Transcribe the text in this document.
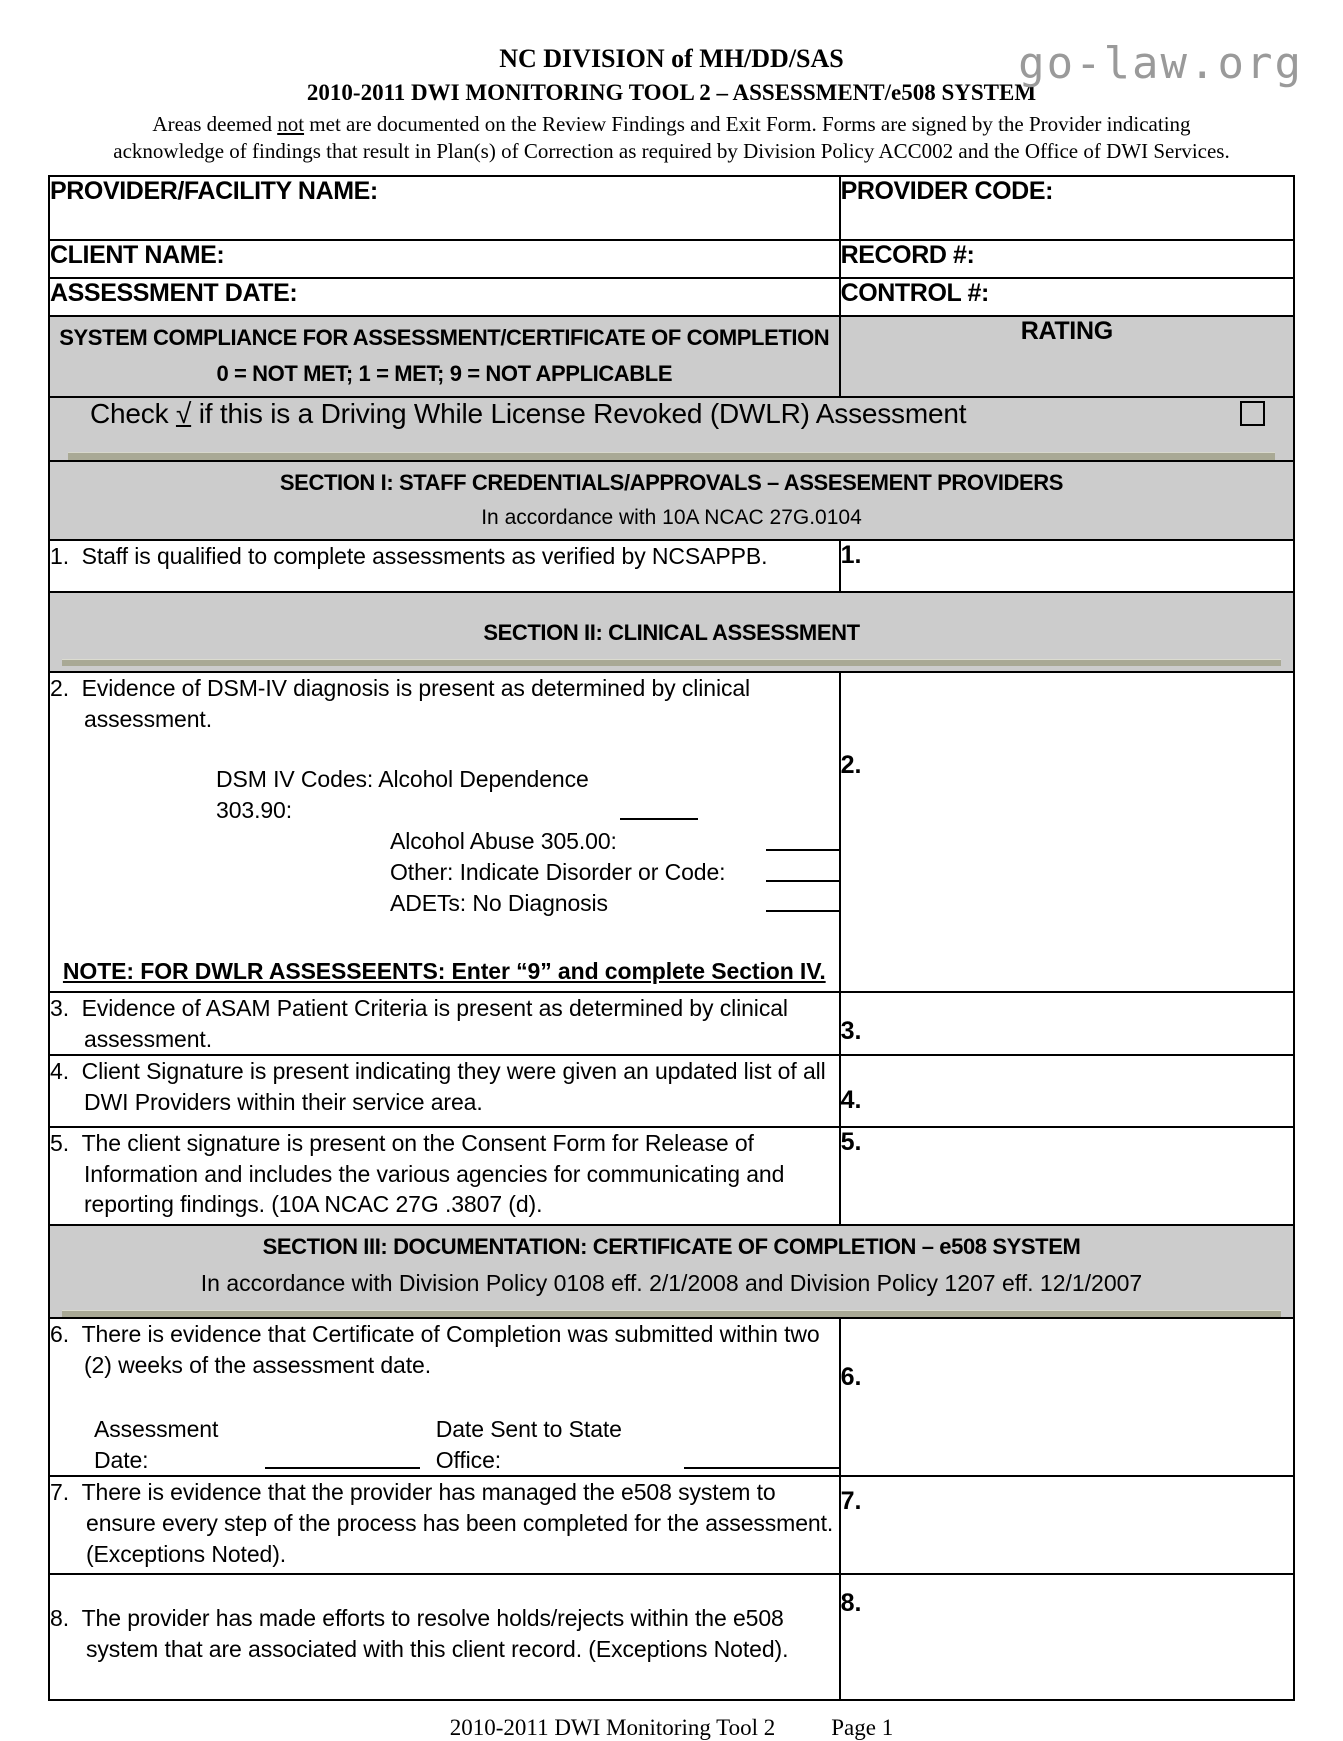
go-law.org
NC DIVISION of MH/DD/SAS
2010-2011 DWI MONITORING TOOL 2 – ASSESSMENT/e508 SYSTEM
Areas deemed not met are documented on the Review Findings and Exit Form. Forms are signed by the Provider indicating acknowledge of findings that result in Plan(s) of Correction as required by Division Policy ACC002 and the Office of DWI Services.
PROVIDER/FACILITY NAME:	PROVIDER CODE:
CLIENT NAME:	RECORD #:
ASSESSMENT DATE:	CONTROL #:

SYSTEM COMPLIANCE FOR ASSESSMENT/CERTIFICATE OF COMPLETION
0 = NOT MET; 1 = MET; 9 = NOT APPLICABLE	RATING

Check √ if this is a Driving While License Revoked (DWLR) Assessment	

SECTION I: STAFF CREDENTIALS/APPROVALS – ASSESEMENT PROVIDERS
In accordance with 10A NCAC 27G.0104	

1. Staff is qualified to complete assessments as verified by NCSAPPB.	1.

SECTION II: CLINICAL ASSESSMENT	

2. Evidence of DSM-IV diagnosis is present as determined by clinical assessment.

DSM IV Codes: Alcohol Dependence 303.90:
Alcohol Abuse 305.00:
Other: Indicate Disorder or Code:
ADETs: No Diagnosis
NOTE: FOR DWLR ASSESSEENTS: Enter “9” and complete Section IV.
	2.

3. Evidence of ASAM Patient Criteria is present as determined by clinical assessment.	3.

4. Client Signature is present indicating they were given an updated list of all DWI Providers within their service area.	4.

5. The client signature is present on the Consent Form for Release of Information and includes the various agencies for communicating and reporting findings. (10A NCAC 27G .3807 (d).	5.

SECTION III: DOCUMENTATION: CERTIFICATE OF COMPLETION – e508 SYSTEM
In accordance with Division Policy 0108 eff. 2/1/2008 and Division Policy 1207 eff. 12/1/2007	

6. There is evidence that Certificate of Completion was submitted within two (2) weeks of the assessment date.

Assessment Date:
Date Sent to State Office:	6.

7. There is evidence that the provider has managed the e508 system to ensure every step of the process has been completed for the assessment. (Exceptions Noted).	7.

8. The provider has made efforts to resolve holds/rejects within the e508 system that are associated with this client record. (Exceptions Noted).	8.
2010-2011 DWI Monitoring Tool 2 Page 1
